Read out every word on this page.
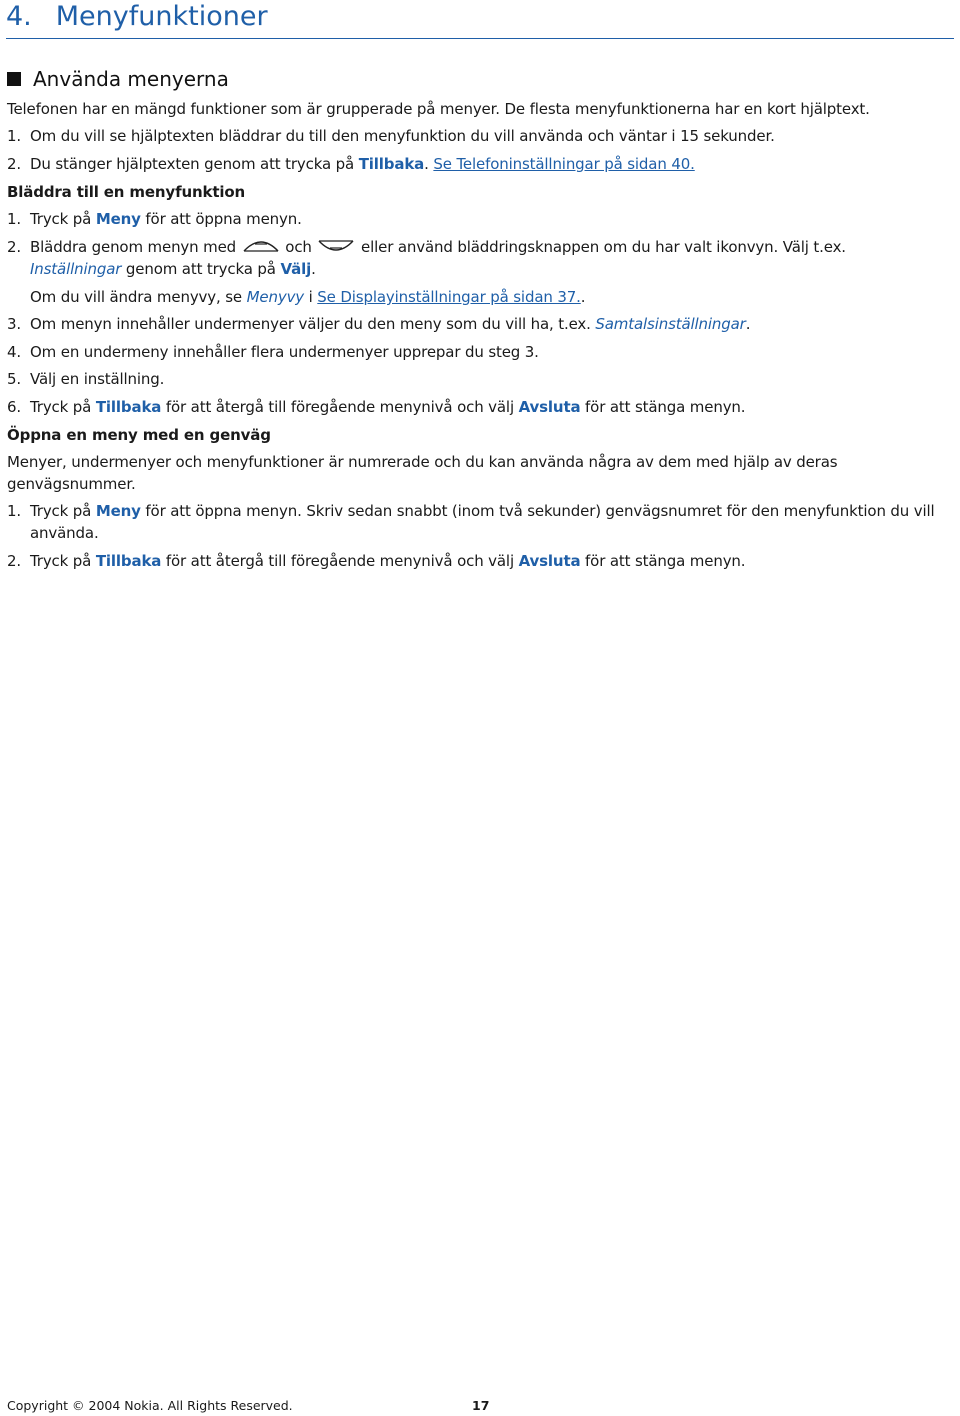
4. Menyfunktioner
Använda menyerna

Telefonen har en mängd funktioner som är grupperade på menyer. De flesta menyfunktionerna har en kort hjälptext.

1. Om du vill se hjälptexten bläddrar du till den menyfunktion du vill använda och väntar i 15 sekunder.

2. Du stänger hjälptexten genom att trycka på Tillbaka. Se Telefoninställningar på sidan 40.

Bläddra till en menyfunktion

1. Tryck på Meny för att öppna menyn.

2. Bläddra genom menyn med	och	eller använd bläddringsknappen om du har valt ikonvyn. Välj t.ex.

Inställningar genom att trycka på Välj.

Om du vill ändra menyvy, se Menyvy i Se Displayinställningar på sidan 37..

3. Om menyn innehåller undermenyer väljer du den meny som du vill ha, t.ex. Samtalsinställningar.

4. Om en undermeny innehåller flera undermenyer upprepar du steg 3.

5. Välj en inställning.

6. Tryck på Tillbaka för att återgå till föregående menynivå och välj Avsluta för att stänga menyn.

Öppna en meny med en genväg

Menyer, undermenyer och menyfunktioner är numrerade och du kan använda några av dem med hjälp av deras

genvägsnummer.

1. Tryck på Meny för att öppna menyn. Skriv sedan snabbt (inom två sekunder) genvägsnumret för den menyfunktion du vill

använda.

2. Tryck på Tillbaka för att återgå till föregående menynivå och välj Avsluta för att stänga menyn.

Copyright © 2004 Nokia. All Rights Reserved.	17
